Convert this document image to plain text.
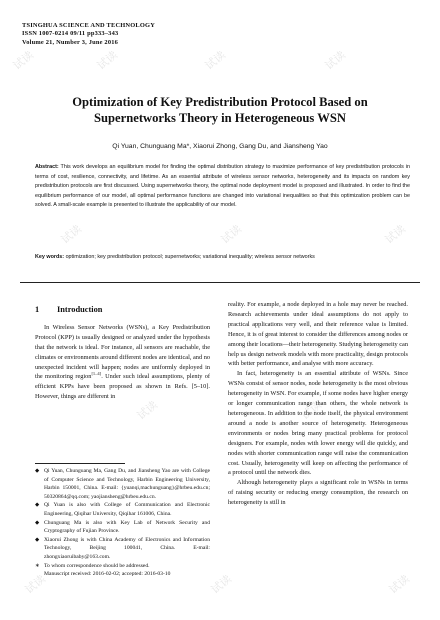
试读	试读	试读	试读
试读	试读	试读
试读	试读
试读	试读	试读
TSINGHUA SCIENCE AND TECHNOLOGY
ISSN 1007-0214 09/11 pp333–343
Volume 21, Number 3, June 2016
Optimization of Key Predistribution Protocol Based on
Supernetworks Theory in Heterogeneous WSN
Qi Yuan, Chunguang Ma*, Xiaorui Zhong, Gang Du, and Jiansheng Yao
Abstract: This work develops an equilibrium model for finding the optimal distribution strategy to maximize performance of key predistribution protocols in terms of cost, resilience, connectivity, and lifetime. As an essential attribute of wireless sensor networks, heterogeneity and its impacts on random key predistribution protocols are first discussed. Using supernetworks theory, the optimal node deployment model is proposed and illustrated. In order to find the equilibrium performance of our model, all optimal performance functions are changed into variational inequalities so that this optimization problem can be solved. A small-scale example is presented to illustrate the applicability of our model.
Key words: optimization; key predistribution protocol; supernetworks; variational inequality; wireless sensor networks
1 Introduction

In Wireless Sensor Networks (WSNs), a Key Predistribution Protocol (KPP) is usually designed or analyzed under the hypothesis that the network is ideal. For instance, all sensors are reachable, the climates or environments around different nodes are identical, and no unexpected incident will happen; nodes are uniformly deployed in the monitoring region[1–4]. Under such ideal assumptions, plenty of efficient KPPs have been proposed as shown in Refs. [5–10]. However, things are different in

◆ Qi Yuan, Chunguang Ma, Gang Du, and Jiansheng Yao are with College of Computer Science and Technology, Harbin Engineering University, Harbin 150001, China. E-mail: {yuanqi,machunguang}@hrbeu.edu.cn; 50320864@qq.com; yaojiansheng@hrbeu.edu.cn.
◆ Qi Yuan is also with College of Communication and Electronic Engineering, Qiqihar University, Qiqihar 161006, China.
◆ Chunguang Ma is also with Key Lab of Network Security and Cryptography of Fujian Province.
◆ Xiaorui Zhong is with China Academy of Electronics and Information Technology, Beijing 100041, China. E-mail: zhongxiaoruibaby@163.com.
∗ To whom correspondence should be addressed.
Manuscript received: 2016-02-02; accepted: 2016-03-10

reality. For example, a node deployed in a hole may never be reached. Research achievements under ideal assumptions do not apply to practical applications very well, and their reference value is limited. Hence, it is of great interest to consider the differences among nodes or among their locations—their heterogeneity. Studying heterogeneity can help us design network models with more practicality, design protocols with better performance, and analyse with more accuracy.

In fact, heterogeneity is an essential attribute of WSNs. Since WSNs consist of sensor nodes, node heterogeneity is the most obvious heterogeneity in WSN. For example, if some nodes have higher energy or longer communication range than others, the whole network is heterogeneous. In addition to the node itself, the physical environment around a node is another source of heterogeneity. Heterogeneous environments or nodes bring many practical problems for protocol designers. For example, nodes with lower energy will die quickly, and nodes with shorter communication range will raise the communication cost. Usually, heterogeneity will keep on affecting the performance of a protocol until the network dies.

Although heterogeneity plays a significant role in WSNs in terms of raising security or reducing energy consumption, the research on heterogeneity is still in
